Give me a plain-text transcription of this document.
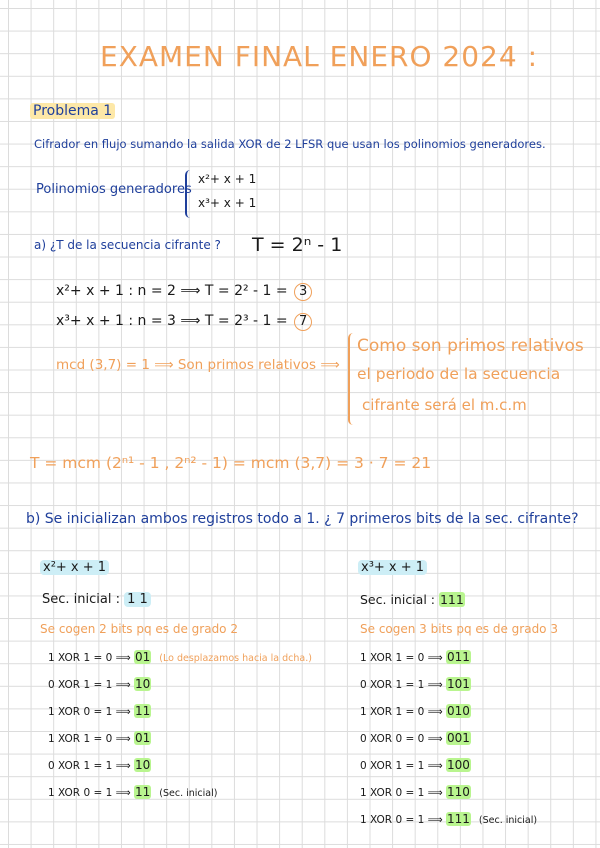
EXAMEN FINAL ENERO 2024 :
Problema 1
Cifrador en flujo sumando la salida XOR de 2 LFSR que usan los polinomios generadores.
Polinomios generadores
x²+ x + 1
x³+ x + 1
a) ¿T de la secuencia cifrante ? T = 2ⁿ - 1
x²+ x + 1 : n = 2 ⟹ T = 2² - 1 = 3
x³+ x + 1 : n = 3 ⟹ T = 2³ - 1 = 7
mcd (3,7) = 1 ⟹ Son primos relativos ⟹
Como son primos relativos
el periodo de la secuencia
cifrante será el m.c.m
T = mcm (2ⁿ¹ - 1 , 2ⁿ² - 1) = mcm (3,7) = 3 · 7 = 21
b) Se inicializan ambos registros todo a 1. ¿ 7 primeros bits de la sec. cifrante?
x²+ x + 1
Sec. inicial : 1 1
Se cogen 2 bits pq es de grado 2
1 XOR 1 = 0 ⟹ 01 (Lo desplazamos hacia la dcha.)
0 XOR 1 = 1 ⟹ 10
1 XOR 0 = 1 ⟹ 11
1 XOR 1 = 0 ⟹ 01
0 XOR 1 = 1 ⟹ 10
1 XOR 0 = 1 ⟹ 11 (Sec. inicial)
x³+ x + 1
Sec. inicial : 111
Se cogen 3 bits pq es de grado 3
1 XOR 1 = 0 ⟹ 011
0 XOR 1 = 1 ⟹ 101
1 XOR 1 = 0 ⟹ 010
0 XOR 0 = 0 ⟹ 001
0 XOR 1 = 1 ⟹ 100
1 XOR 0 = 1 ⟹ 110
1 XOR 0 = 1 ⟹ 111 (Sec. inicial)
